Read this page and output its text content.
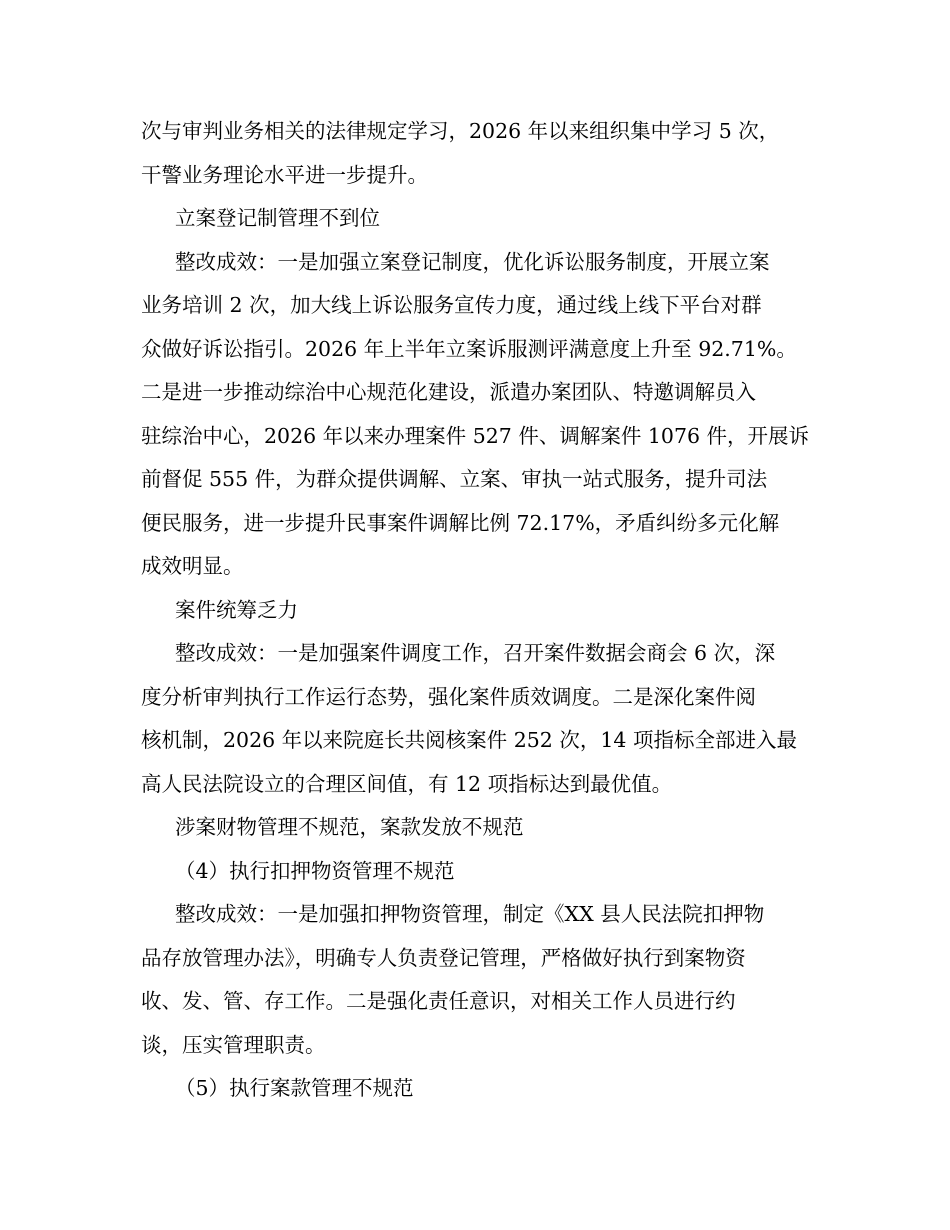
次与审判业务相关的法律规定学习，2026 年以来组织集中学习 5 次，
干警业务理论水平进一步提升。
立案登记制管理不到位
整改成效：一是加强立案登记制度，优化诉讼服务制度，开展立案
业务培训 2 次，加大线上诉讼服务宣传力度，通过线上线下平台对群
众做好诉讼指引。2026 年上半年立案诉服测评满意度上升至 92.71%。
二是进一步推动综治中心规范化建设，派遣办案团队、特邀调解员入
驻综治中心，2026 年以来办理案件 527 件、调解案件 1076 件，开展诉
前督促 555 件，为群众提供调解、立案、审执一站式服务，提升司法
便民服务，进一步提升民事案件调解比例 72.17%，矛盾纠纷多元化解
成效明显。
案件统筹乏力
整改成效：一是加强案件调度工作，召开案件数据会商会 6 次，深
度分析审判执行工作运行态势，强化案件质效调度。二是深化案件阅
核机制，2026 年以来院庭长共阅核案件 252 次，14 项指标全部进入最
高人民法院设立的合理区间值，有 12 项指标达到最优值。
涉案财物管理不规范，案款发放不规范
（4）执行扣押物资管理不规范
整改成效：一是加强扣押物资管理，制定《XX 县人民法院扣押物
品存放管理办法》，明确专人负责登记管理，严格做好执行到案物资
收、发、管、存工作。二是强化责任意识，对相关工作人员进行约
谈，压实管理职责。
（5）执行案款管理不规范
